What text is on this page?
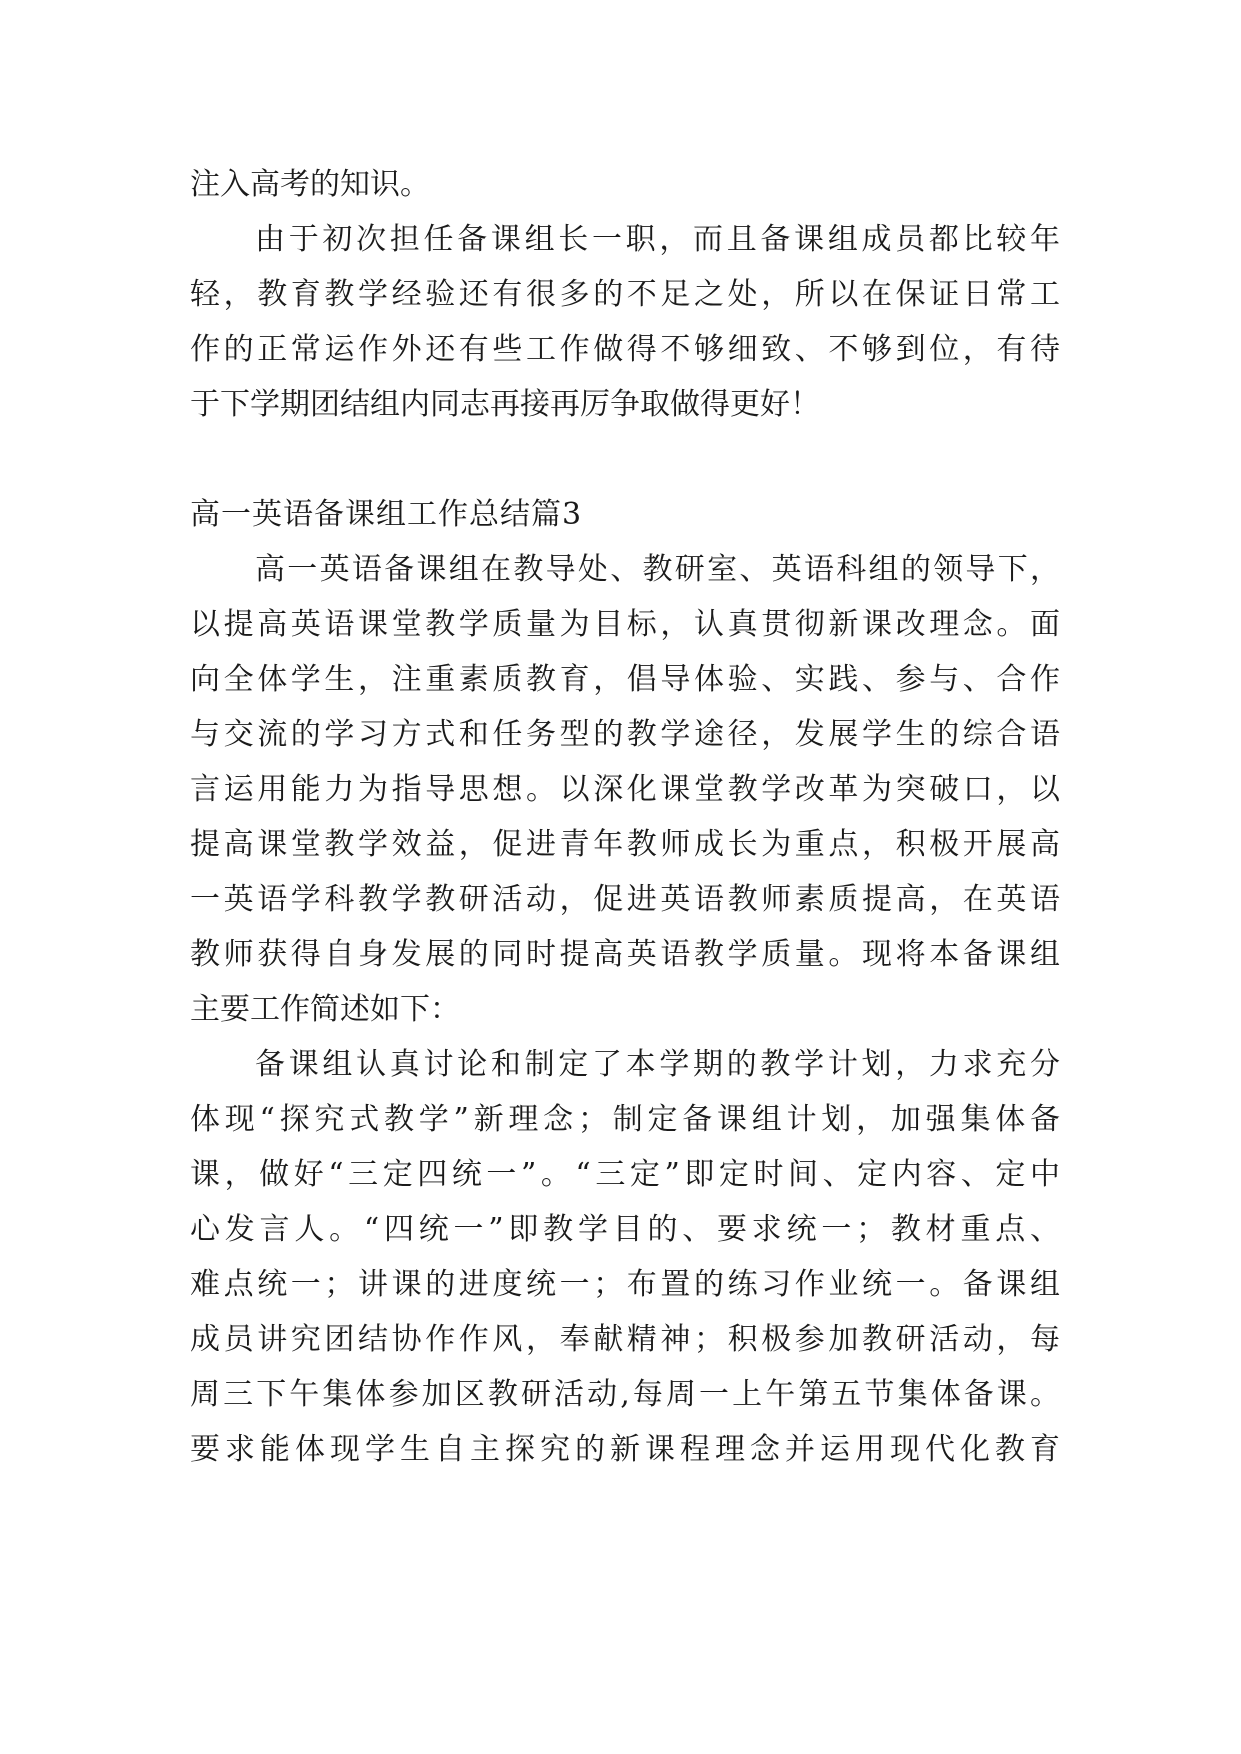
注入高考的知识。
由于初次担任备课组长一职，而且备课组成员都比较年
轻，教育教学经验还有很多的不足之处，所以在保证日常工
作的正常运作外还有些工作做得不够细致、不够到位，有待
于下学期团结组内同志再接再厉争取做得更好！
高一英语备课组工作总结篇3
高一英语备课组在教导处、教研室、英语科组的领导下，
以提高英语课堂教学质量为目标，认真贯彻新课改理念。面
向全体学生，注重素质教育，倡导体验、实践、参与、合作
与交流的学习方式和任务型的教学途径，发展学生的综合语
言运用能力为指导思想。以深化课堂教学改革为突破口，以
提高课堂教学效益，促进青年教师成长为重点，积极开展高
一英语学科教学教研活动，促进英语教师素质提高，在英语
教师获得自身发展的同时提高英语教学质量。现将本备课组
主要工作简述如下：
备课组认真讨论和制定了本学期的教学计划，力求充分
体现“探究式教学”新理念；制定备课组计划，加强集体备
课，做好“三定四统一”。“三定”即定时间、定内容、定中
心发言人。“四统一”即教学目的、要求统一；教材重点、
难点统一；讲课的进度统一；布置的练习作业统一。备课组
成员讲究团结协作作风，奉献精神；积极参加教研活动，每
周三下午集体参加区教研活动,每周一上午第五节集体备课。
要求能体现学生自主探究的新课程理念并运用现代化教育
